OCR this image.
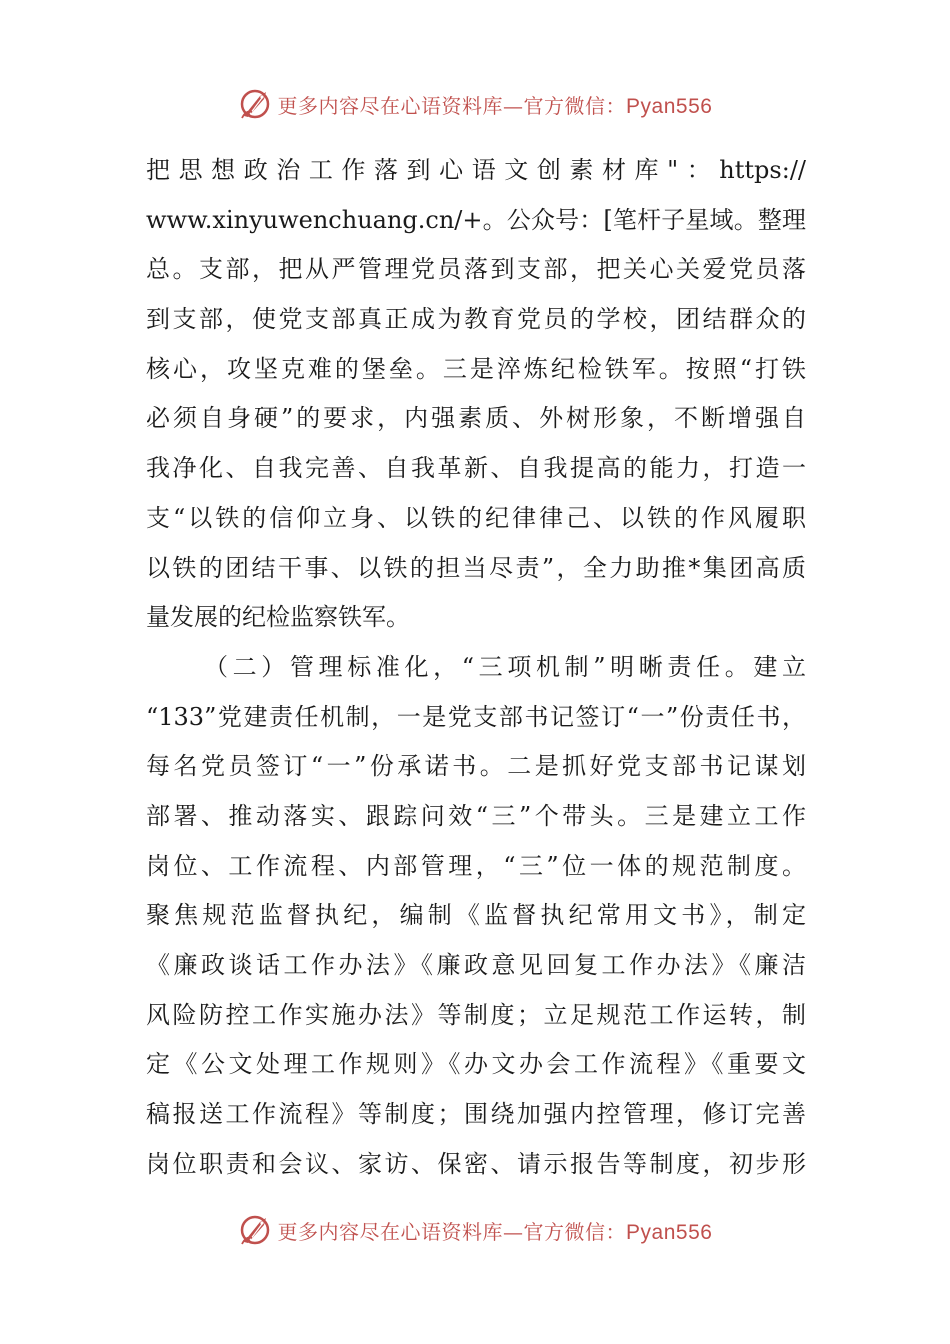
更多内容尽在心语资料库—官方微信：Pyan556
把思想政治工作落到心语文创素材库"：https://
www.xinyuwenchuang.cn/+。公众号：[笔杆子星域。整理
总。支部，把从严管理党员落到支部，把关心关爱党员落
到支部，使党支部真正成为教育党员的学校，团结群众的
核心，攻坚克难的堡垒。三是淬炼纪检铁军。按照“打铁
必须自身硬”的要求，内强素质、外树形象，不断增强自
我净化、自我完善、自我革新、自我提高的能力，打造一
支“以铁的信仰立身、以铁的纪律律己、以铁的作风履职
以铁的团结干事、以铁的担当尽责”，全力助推*集团高质
量发展的纪检监察铁军。
（二）管理标准化，“三项机制”明晰责任。建立
“133”党建责任机制，一是党支部书记签订“一”份责任书，
每名党员签订“一”份承诺书。二是抓好党支部书记谋划
部署、推动落实、跟踪问效“三”个带头。三是建立工作
岗位、工作流程、内部管理，“三”位一体的规范制度。
聚焦规范监督执纪，编制《监督执纪常用文书》，制定
《廉政谈话工作办法》《廉政意见回复工作办法》《廉洁
风险防控工作实施办法》等制度；立足规范工作运转，制
定《公文处理工作规则》《办文办会工作流程》《重要文
稿报送工作流程》等制度；围绕加强内控管理，修订完善
岗位职责和会议、家访、保密、请示报告等制度，初步形
更多内容尽在心语资料库—官方微信：Pyan556
